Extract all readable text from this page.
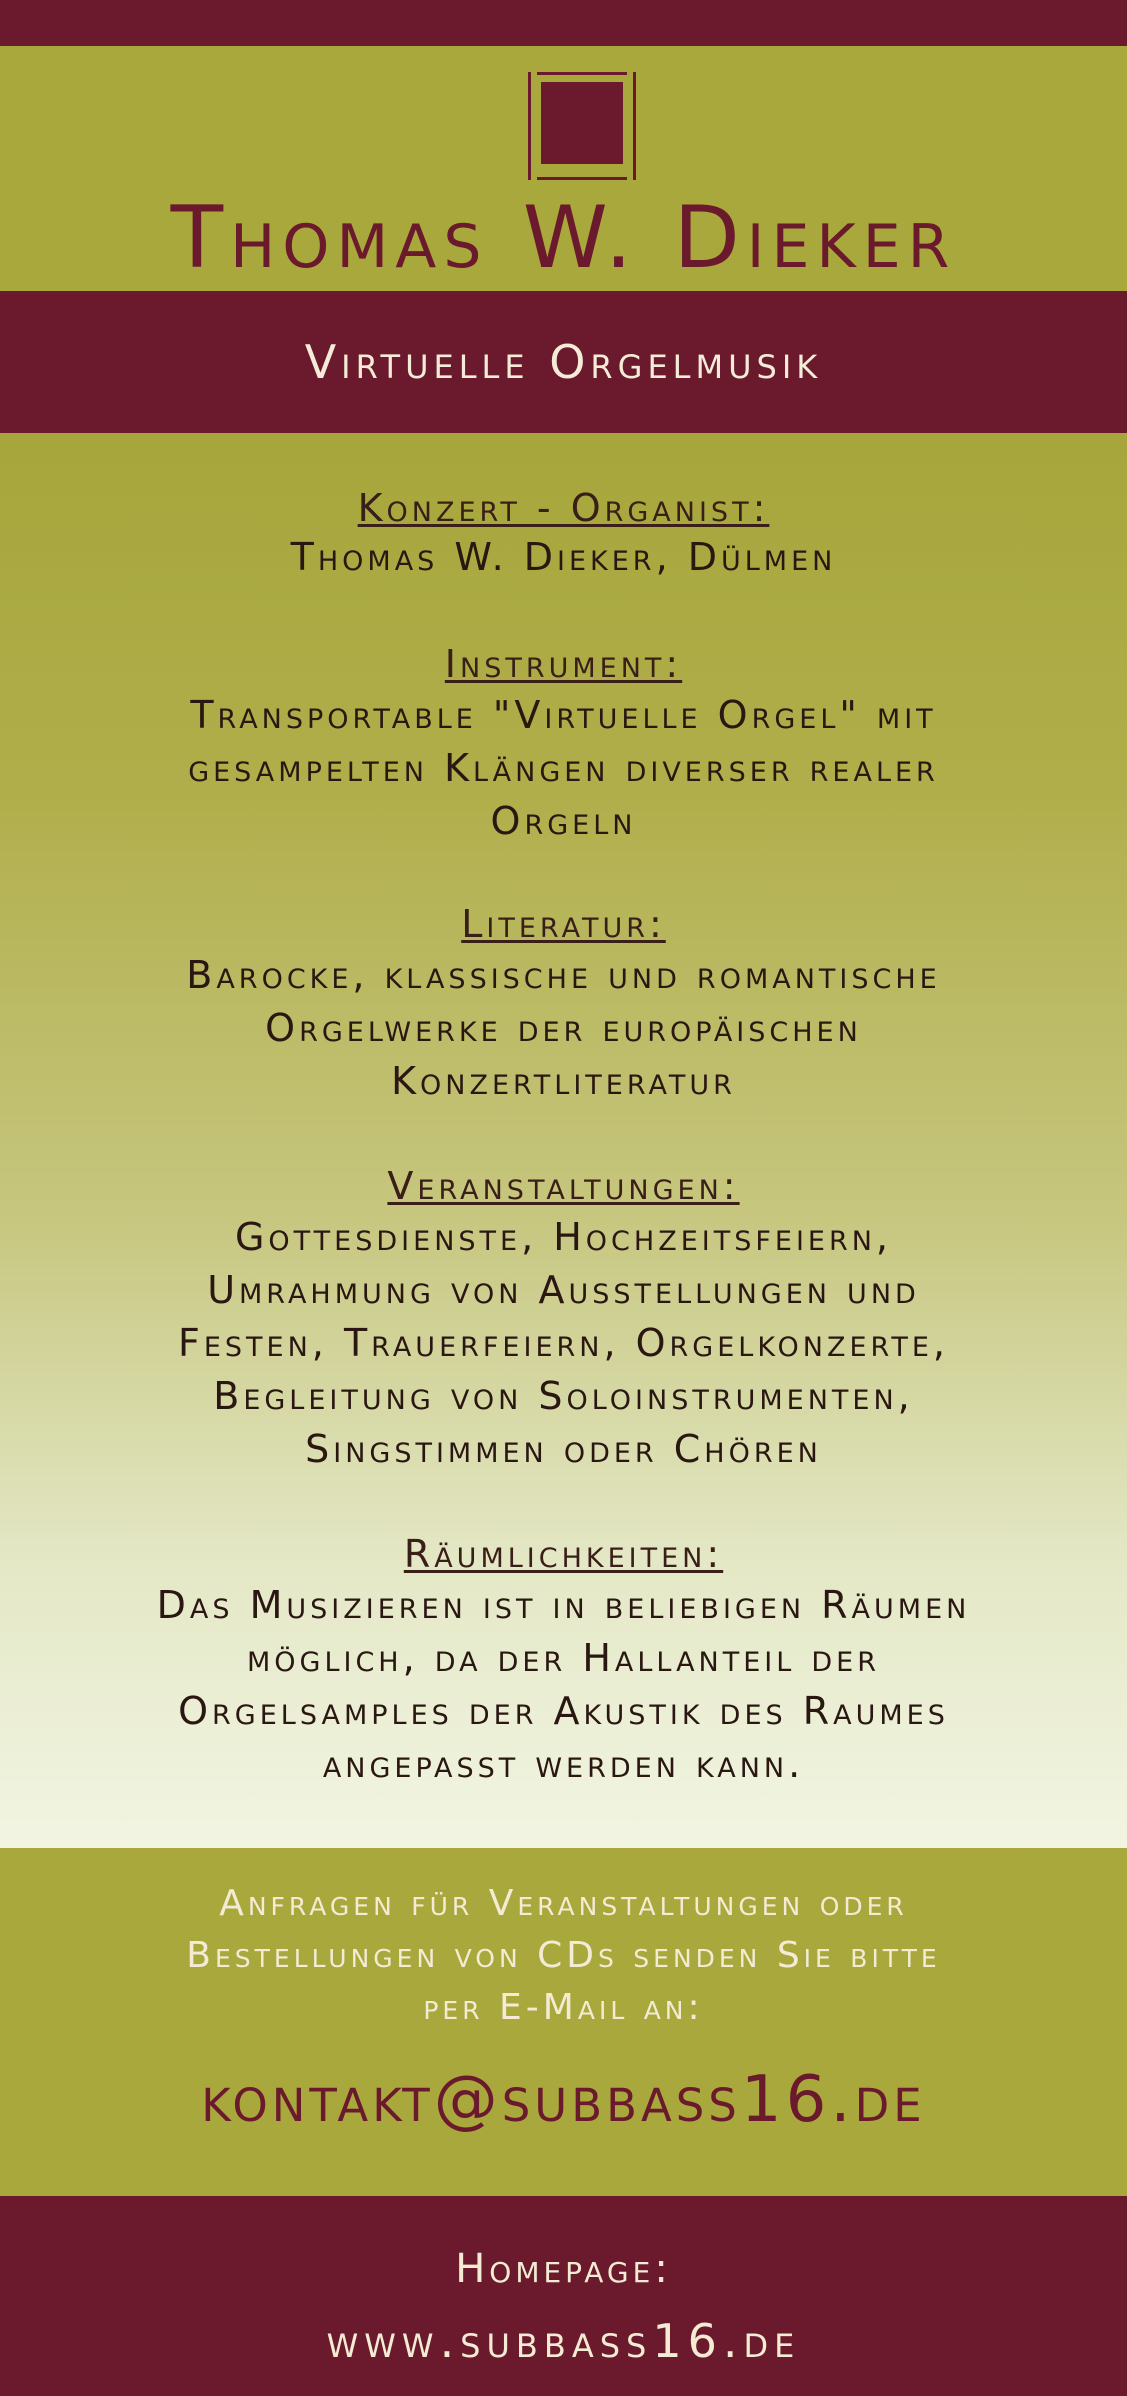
Thomas W. Dieker
Virtuelle Orgelmusik
Konzert - Organist:
Thomas W. Dieker, Dülmen
Instrument:
Transportable "Virtuelle Orgel" mit
gesampelten Klängen diverser realer
Orgeln
Literatur:
Barocke, klassische und romantische
Orgelwerke der europäischen
Konzertliteratur
Veranstaltungen:
Gottesdienste, Hochzeitsfeiern,
Umrahmung von Ausstellungen und
Festen, Trauerfeiern, Orgelkonzerte,
Begleitung von Soloinstrumenten,
Singstimmen oder Chören
Räumlichkeiten:
Das Musizieren ist in beliebigen Räumen
möglich, da der Hallanteil der
Orgelsamples der Akustik des Raumes
angepasst werden kann.
Anfragen für Veranstaltungen oder
Bestellungen von CDs senden Sie bitte
per E-Mail an:
kontakt@subbass16.de
Homepage:
www.subbass16.de
